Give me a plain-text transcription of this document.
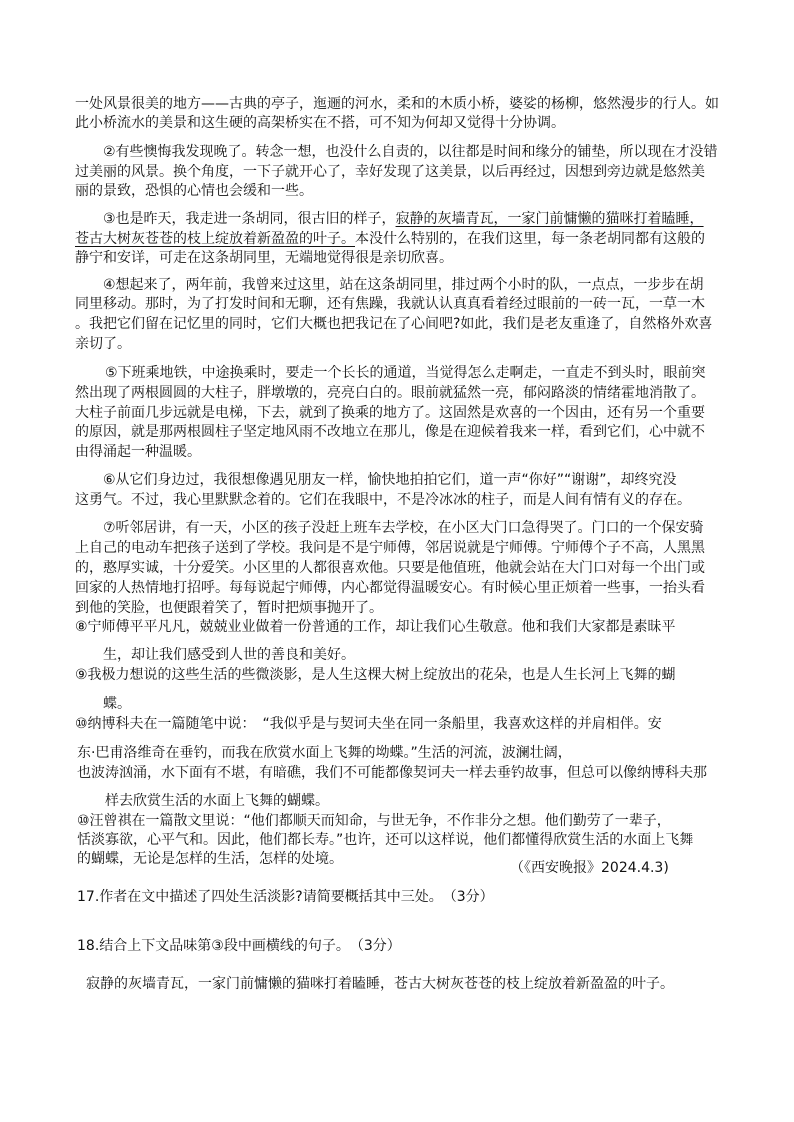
一处风景很美的地方——古典的亭子，迤逦的河水，柔和的木质小桥，婆娑的杨柳，悠然漫步的行人。如
此小桥流水的美景和这生硬的高架桥实在不搭，可不知为何却又觉得十分协调。
②有些懊悔我发现晚了。转念一想，也没什么自责的，以往都是时间和缘分的铺垫，所以现在才没错
过美丽的风景。换个角度，一下子就开心了，幸好发现了这美景，以后再经过，因想到旁边就是悠然美
丽的景致，恐惧的心情也会缓和一些。
③也是昨天，我走进一条胡同，很古旧的样子，寂静的灰墙青瓦，一家门前慵懒的猫咪打着瞌睡，
苍古大树灰苍苍的枝上绽放着新盈盈的叶子。本没什么特别的，在我们这里，每一条老胡同都有这般的
静宁和安详，可走在这条胡同里，无端地觉得很是亲切欣喜。
④想起来了，两年前，我曾来过这里，站在这条胡同里，排过两个小时的队，一点点，一步步在胡
同里移动。那时，为了打发时间和无聊，还有焦躁，我就认认真真看着经过眼前的一砖一瓦，一草一木
。我把它们留在记忆里的同时，它们大概也把我记在了心间吧?如此，我们是老友重逢了，自然格外欢喜
亲切了。
⑤下班乘地铁，中途换乘时，要走一个长长的通道，当觉得怎么走啊走，一直走不到头时，眼前突
然出现了两根圆圆的大柱子，胖墩墩的，亮亮白白的。眼前就猛然一亮，郁闷路淡的情绪霍地消散了。
大柱子前面几步远就是电梯，下去，就到了换乘的地方了。这固然是欢喜的一个因由，还有另一个重要
的原因，就是那两根圆柱子坚定地风雨不改地立在那儿，像是在迎候着我来一样，看到它们，心中就不
由得涌起一种温暖。
⑥从它们身边过，我很想像遇见朋友一样，愉快地拍拍它们，道一声“你好”“谢谢”，却终究没
这勇气。不过，我心里默默念着的。它们在我眼中，不是冷冰冰的柱子，而是人间有情有义的存在。
⑦听邻居讲，有一天，小区的孩子没赶上班车去学校，在小区大门口急得哭了。门口的一个保安骑
上自己的电动车把孩子送到了学校。我问是不是宁师傅，邻居说就是宁师傅。宁师傅个子不高，人黑黑
的，憨厚实诚，十分爱笑。小区里的人都很喜欢他。只要是他值班，他就会站在大门口对每一个出门或
回家的人热情地打招呼。每每说起宁师傅，内心都觉得温暖安心。有时候心里正烦着一些事，一抬头看
到他的笑脸，也便跟着笑了，暂时把烦事抛开了。
⑧宁师傅平平凡凡，兢兢业业做着一份普通的工作，却让我们心生敬意。他和我们大家都是素昧平
生，却让我们感受到人世的善良和美好。
⑨我极力想说的这些生活的些微淡影，是人生这棵大树上绽放出的花朵，也是人生长河上飞舞的蝴
蝶。
⑩纳博科夫在一篇随笔中说：　“我似乎是与契诃夫坐在同一条船里，我喜欢这样的并肩相伴。安
东·巴甫洛维奇在垂钓，而我在欣赏水面上飞舞的坳蝶。”生活的河流，波澜壮阔，
也波涛汹涌，水下面有不堪，有暗礁，我们不可能都像契诃夫一样去垂钓故事，但总可以像纳博科夫那
样去欣赏生活的水面上飞舞的蝴蝶。
⑩汪曾祺在一篇散文里说：“他们都顺天而知命，与世无争，不作非分之想。他们勤劳了一辈子，
恬淡寡欲，心平气和。因此，他们都长寿。”也许，还可以这样说，他们都懂得欣赏生活的水面上飞舞
的蝴蝶，无论是怎样的生活，怎样的处境。
（《西安晚报》2024.4.3)
17.作者在文中描述了四处生活淡影?请简要概括其中三处。　（3分）
18.结合上下文品味第③段中画横线的句子。　（3分）
寂静的灰墙青瓦，一家门前慵懒的猫咪打着瞌睡，苍古大树灰苍苍的枝上绽放着新盈盈的叶子。
